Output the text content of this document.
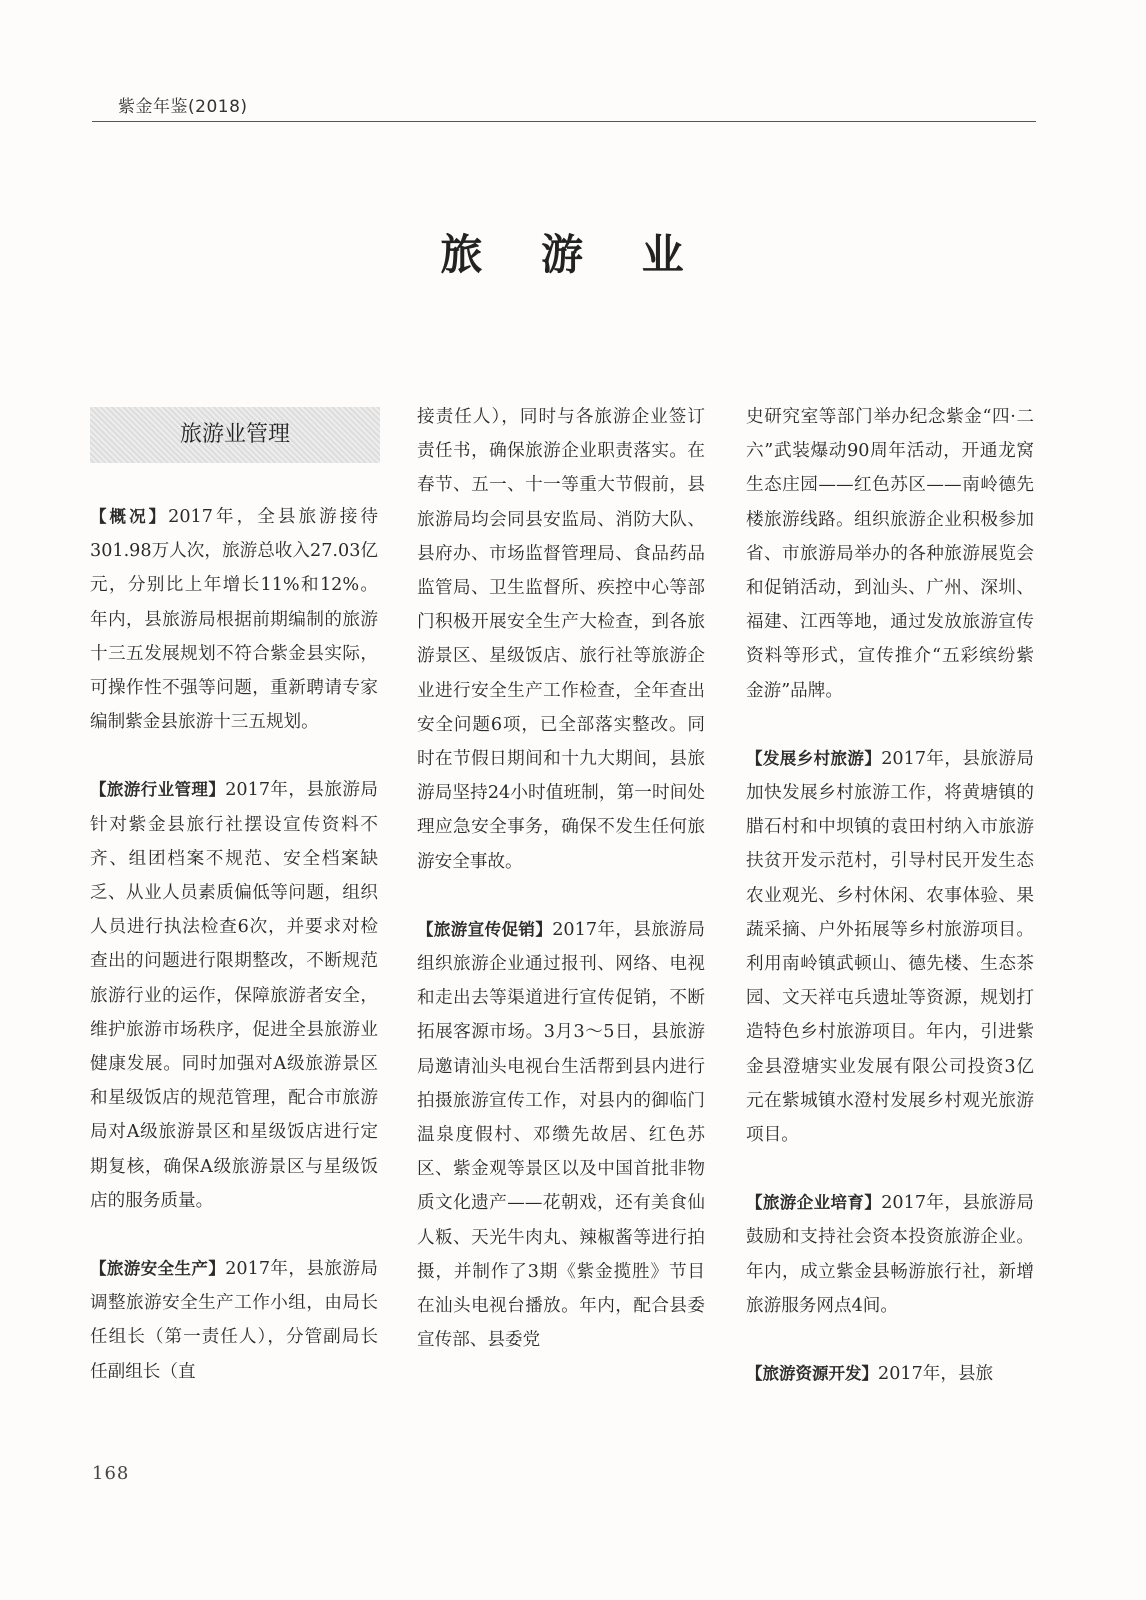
紫金年鉴(2018)
旅 游 业
旅游业管理

【概况】2017年，全县旅游接待301.98万人次，旅游总收入27.03亿元，分别比上年增长11%和12%。年内，县旅游局根据前期编制的旅游十三五发展规划不符合紫金县实际，可操作性不强等问题，重新聘请专家编制紫金县旅游十三五规划。

【旅游行业管理】2017年，县旅游局针对紫金县旅行社摆设宣传资料不齐、组团档案不规范、安全档案缺乏、从业人员素质偏低等问题，组织人员进行执法检查6次，并要求对检查出的问题进行限期整改，不断规范旅游行业的运作，保障旅游者安全，维护旅游市场秩序，促进全县旅游业健康发展。同时加强对A级旅游景区和星级饭店的规范管理，配合市旅游局对A级旅游景区和星级饭店进行定期复核，确保A级旅游景区与星级饭店的服务质量。

【旅游安全生产】2017年，县旅游局调整旅游安全生产工作小组，由局长任组长（第一责任人），分管副局长任副组长（直

接责任人），同时与各旅游企业签订责任书，确保旅游企业职责落实。在春节、五一、十一等重大节假前，县旅游局均会同县安监局、消防大队、县府办、市场监督管理局、食品药品监管局、卫生监督所、疾控中心等部门积极开展安全生产大检查，到各旅游景区、星级饭店、旅行社等旅游企业进行安全生产工作检查，全年查出安全问题6项，已全部落实整改。同时在节假日期间和十九大期间，县旅游局坚持24小时值班制，第一时间处理应急安全事务，确保不发生任何旅游安全事故。

【旅游宣传促销】2017年，县旅游局组织旅游企业通过报刊、网络、电视和走出去等渠道进行宣传促销，不断拓展客源市场。3月3～5日，县旅游局邀请汕头电视台生活帮到县内进行拍摄旅游宣传工作，对县内的御临门温泉度假村、邓缵先故居、红色苏区、紫金观等景区以及中国首批非物质文化遗产——花朝戏，还有美食仙人粄、天光牛肉丸、辣椒酱等进行拍摄，并制作了3期《紫金揽胜》节目在汕头电视台播放。年内，配合县委宣传部、县委党

史研究室等部门举办纪念紫金“四·二六”武装爆动90周年活动，开通龙窝生态庄园——红色苏区——南岭德先楼旅游线路。组织旅游企业积极参加省、市旅游局举办的各种旅游展览会和促销活动，到汕头、广州、深圳、福建、江西等地，通过发放旅游宣传资料等形式，宣传推介“五彩缤纷紫金游”品牌。

【发展乡村旅游】2017年，县旅游局加快发展乡村旅游工作，将黄塘镇的腊石村和中坝镇的袁田村纳入市旅游扶贫开发示范村，引导村民开发生态农业观光、乡村休闲、农事体验、果蔬采摘、户外拓展等乡村旅游项目。利用南岭镇武顿山、德先楼、生态茶园、文天祥屯兵遗址等资源，规划打造特色乡村旅游项目。年内，引进紫金县澄塘实业发展有限公司投资3亿元在紫城镇水澄村发展乡村观光旅游项目。

【旅游企业培育】2017年，县旅游局鼓励和支持社会资本投资旅游企业。年内，成立紫金县畅游旅行社，新增旅游服务网点4间。

【旅游资源开发】2017年，县旅

168
